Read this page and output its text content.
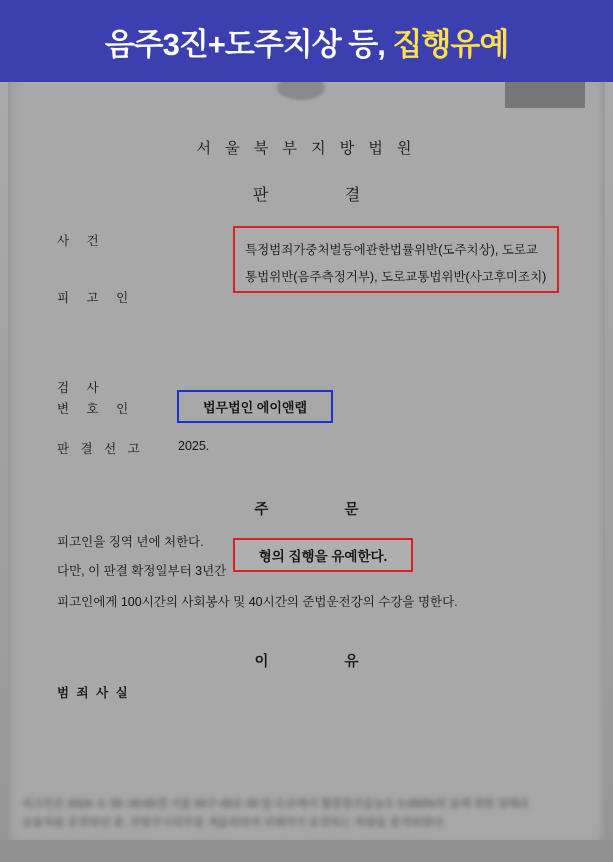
서 울 북 부 지 방 법 원
판 결
사 건
피 고 인
특정범죄가중처벌등에관한법률위반(도주치상), 도로교
통법위반(음주측정거부), 도로교통법위반(사고후미조치)
검 사
변 호 인	법무법인 에이앤랩
판 결 선 고	2025.
주 문
피고인을 징역 년에 처한다.
다만, 이 판결 확정일부터 3년간
피고인에게 100시간의 사회봉사 및 40시간의 준법운전강의 수강을 명한다.
형의 집행을 유예한다.
이 유
범 죄 사 실
피고인은 2024. 0. 00. 00:00경 서울 00구 00로 00 앞 도로에서 혈중알코올농도 0.000%의 술에 취한 상태로
승용차를 운전하던 중, 전방주시의무를 게을리하여 피해자가 운전하는 차량을 충격하였다.
음주3진+도주치상 등, 집행유예
